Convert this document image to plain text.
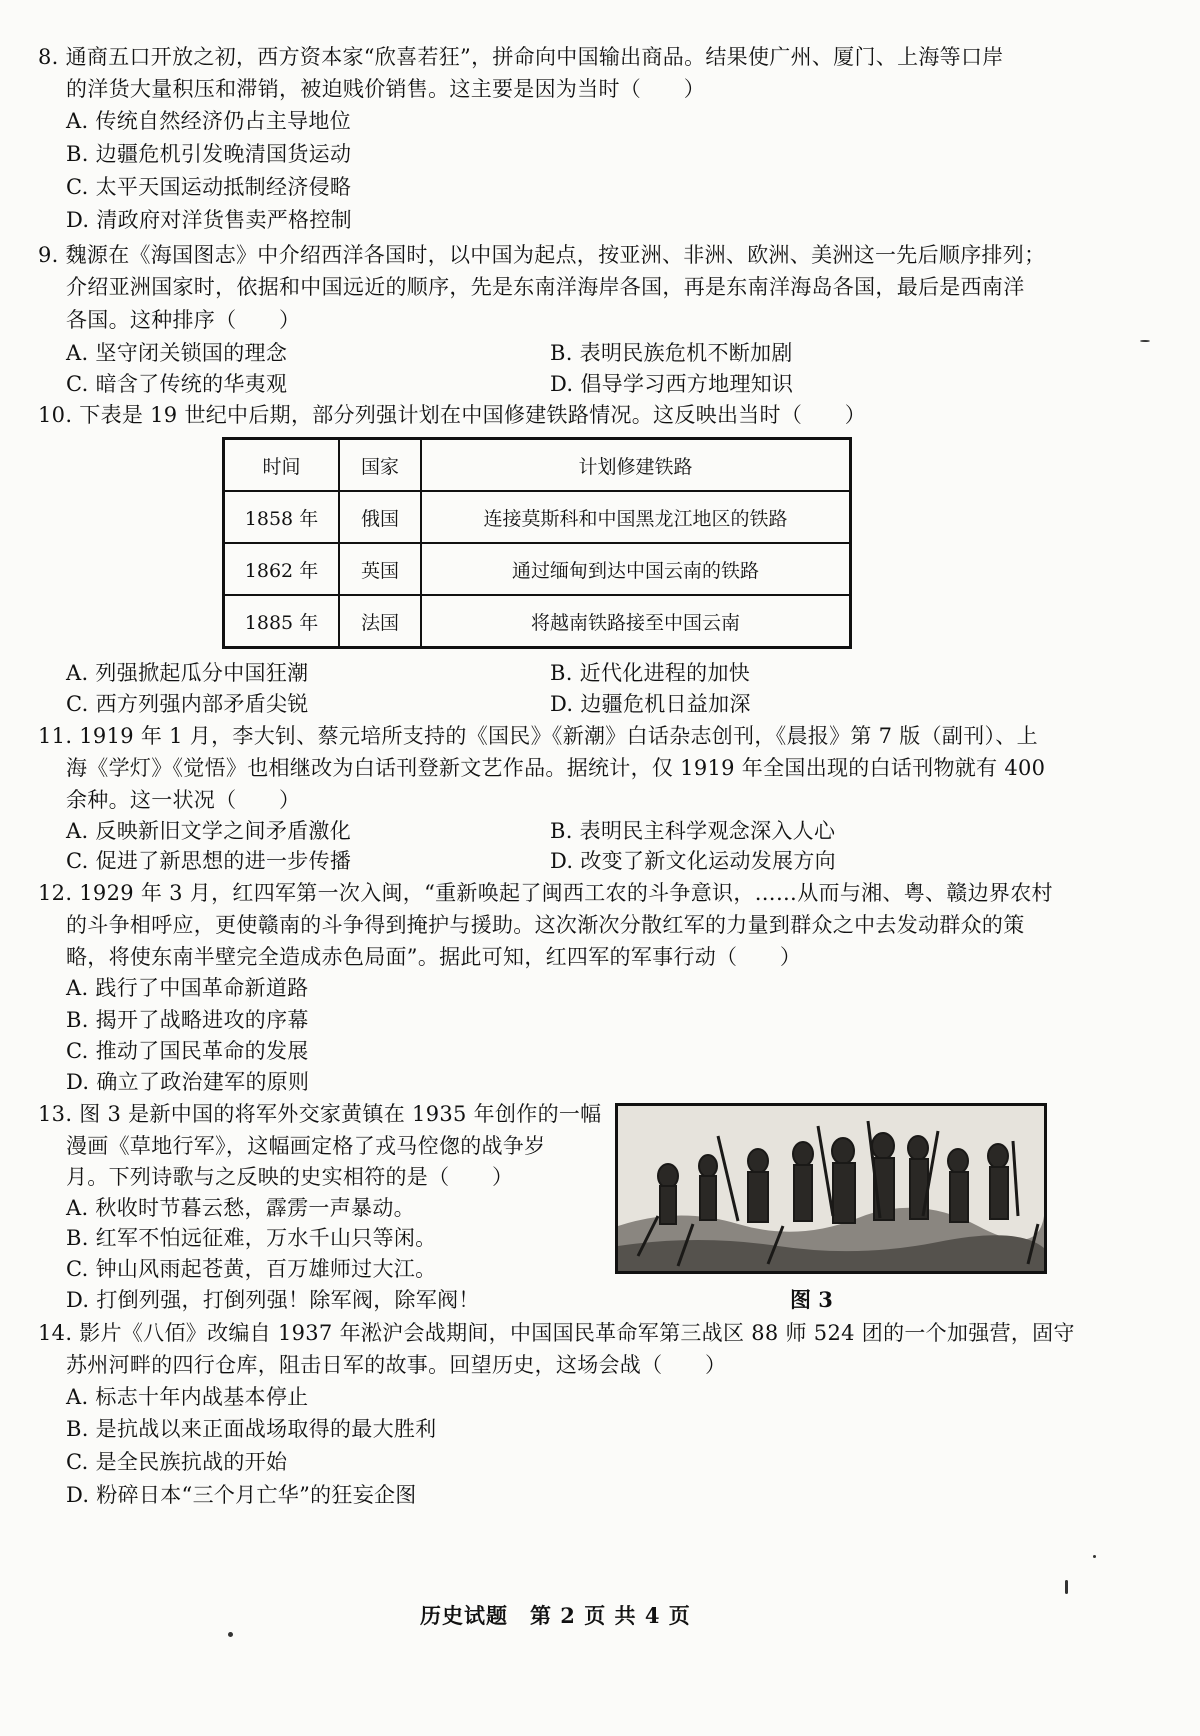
8. 通商五口开放之初，西方资本家“欣喜若狂”，拼命向中国输出商品。结果使广州、厦门、上海等口岸
的洋货大量积压和滞销，被迫贱价销售。这主要是因为当时（　　）
A. 传统自然经济仍占主导地位
B. 边疆危机引发晚清国货运动
C. 太平天国运动抵制经济侵略
D. 清政府对洋货售卖严格控制
9. 魏源在《海国图志》中介绍西洋各国时，以中国为起点，按亚洲、非洲、欧洲、美洲这一先后顺序排列；
介绍亚洲国家时，依据和中国远近的顺序，先是东南洋海岸各国，再是东南洋海岛各国，最后是西南洋
各国。这种排序（　　）
A. 坚守闭关锁国的理念	B. 表明民族危机不断加剧
C. 暗含了传统的华夷观	D. 倡导学习西方地理知识
10. 下表是 19 世纪中后期，部分列强计划在中国修建铁路情况。这反映出当时（　　）
时间	国家	计划修建铁路
1858 年	俄国	连接莫斯科和中国黑龙江地区的铁路
1862 年	英国	通过缅甸到达中国云南的铁路
1885 年	法国	将越南铁路接至中国云南
A. 列强掀起瓜分中国狂潮	B. 近代化进程的加快
C. 西方列强内部矛盾尖锐	D. 边疆危机日益加深
11. 1919 年 1 月，李大钊、蔡元培所支持的《国民》《新潮》白话杂志创刊，《晨报》第 7 版（副刊）、上
海《学灯》《觉悟》也相继改为白话刊登新文艺作品。据统计，仅 1919 年全国出现的白话刊物就有 400
余种。这一状况（　　）
A. 反映新旧文学之间矛盾激化	B. 表明民主科学观念深入人心
C. 促进了新思想的进一步传播	D. 改变了新文化运动发展方向
12. 1929 年 3 月，红四军第一次入闽，“重新唤起了闽西工农的斗争意识，……从而与湘、粤、赣边界农村
的斗争相呼应，更使赣南的斗争得到掩护与援助。这次渐次分散红军的力量到群众之中去发动群众的策
略，将使东南半壁完全造成赤色局面”。据此可知，红四军的军事行动（　　）
A. 践行了中国革命新道路
B. 揭开了战略进攻的序幕
C. 推动了国民革命的发展
D. 确立了政治建军的原则
13. 图 3 是新中国的将军外交家黄镇在 1935 年创作的一幅
漫画《草地行军》，这幅画定格了戎马倥偬的战争岁
月。下列诗歌与之反映的史实相符的是（　　）
A. 秋收时节暮云愁，霹雳一声暴动。
B. 红军不怕远征难，万水千山只等闲。
C. 钟山风雨起苍黄，百万雄师过大江。
D. 打倒列强，打倒列强！除军阀，除军阀！	图 3
14. 影片《八佰》改编自 1937 年淞沪会战期间，中国国民革命军第三战区 88 师 524 团的一个加强营，固守
苏州河畔的四行仓库，阻击日军的故事。回望历史，这场会战（　　）
A. 标志十年内战基本停止
B. 是抗战以来正面战场取得的最大胜利
C. 是全民族抗战的开始
D. 粉碎日本“三个月亡华”的狂妄企图
历史试题　第 2 页 共 4 页
